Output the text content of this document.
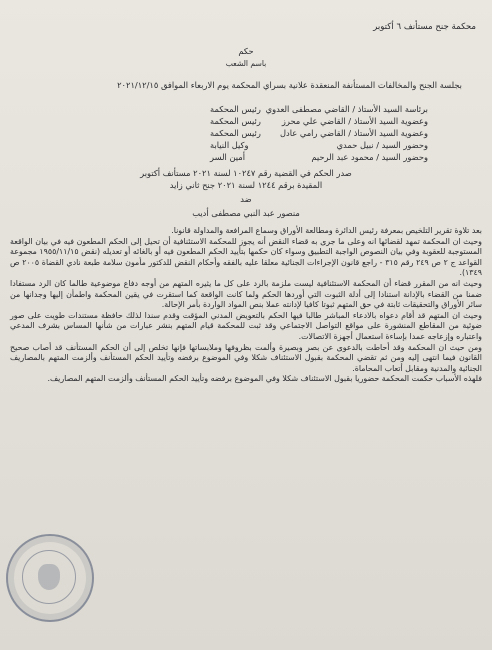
محكمة جنح مستأنف ٦ أكتوبر
حكم
باسم الشعب
بجلسة الجنح والمخالفات المستأنفة المنعقدة علانية بسراي المحكمة يوم الاربعاء الموافق ٢٠٢١/١٢/١٥
برئاسة السيد الأستاذ / القاضي مصطفى العدوي
رئيس المحكمة
وعضوية السيد الأستاذ / القاضي علي محرز
رئيس المحكمة
وعضوية السيد الأستاذ / القاضي رامي عادل
رئيس المحكمة
وحضور السيد / نبيل حمدي
وكيل النيابة
وحضور السيد / محمود عبد الرحيم
أمين السر
صدر الحكم في القضية رقم ١٠٢٤٧ لسنة ٢٠٢١ مستأنف أكتوبر
المقيدة برقم ١٢٤٤ لسنة ٢٠٢١ جنح ثاني زايد
ضد
منصور عبد النبي مصطفى أديب

بعد تلاوة تقرير التلخيص بمعرفة رئيس الدائرة ومطالعة الأوراق وسماع المرافعة والمداولة قانونا.

وحيث ان المحكمة تمهد لقضائها انه وعلى ما جرى به قضاء النقض أنه يجوز للمحكمة الاستئنافية أن تحيل إلى الحكم المطعون فيه في بيان الواقعة المستوجبة للعقوبة وفي بيان النصوص الواجبة التطبيق وسواء كان حكمها بتأييد الحكم المطعون فيه أو بالغائه أو تعديله (نقض ١٩٥٥/١١/١٥ مجموعة القواعد ج ٢ ص ٢٤٩ رقم ٣١٥ - راجع قانون الإجراءات الجنائية معلقا عليه بالفقه وأحكام النقض للدكتور مأمون سلامة طبعة نادي القضاة ٢٠٠٥ ص ١٣٤٩).

وحيث انه من المقرر قضاء أن المحكمة الاستئنافية ليست ملزمة بالرد على كل ما يثيره المتهم من أوجه دفاع موضوعية طالما كان الرد مستفادا ضمنا من القضاء بالإدانة استنادا إلى أدلة الثبوت التي أوردها الحكم ولما كانت الواقعة كما استقرت في يقين المحكمة واطمأن إليها وجدانها من سائر الأوراق والتحقيقات ثابتة في حق المتهم ثبوتا كافيا لإدانته عملا بنص المواد الواردة بأمر الإحالة.

وحيث ان المتهم قد أقام دعواه بالادعاء المباشر طالبا فيها الحكم بالتعويض المدني المؤقت وقدم سندا لذلك حافظة مستندات طويت على صور ضوئية من المقاطع المنشورة على مواقع التواصل الاجتماعي وقد ثبت للمحكمة قيام المتهم بنشر عبارات من شأنها المساس بشرف المدعي واعتباره وإزعاجه عمدا بإساءة استعمال أجهزة الاتصالات.

ومن حيث ان المحكمة وقد أحاطت بالدعوى عن بصر وبصيرة وألمت بظروفها وملابساتها فإنها تخلص إلى أن الحكم المستأنف قد أصاب صحيح القانون فيما انتهى إليه ومن ثم تقضي المحكمة بقبول الاستئناف شكلا وفي الموضوع برفضه وتأييد الحكم المستأنف وألزمت المتهم بالمصاريف الجنائية والمدنية ومقابل أتعاب المحاماة.

فلهذه الأسباب حكمت المحكمة حضوريا بقبول الاستئناف شكلا وفي الموضوع برفضه وتأييد الحكم المستأنف وألزمت المتهم المصاريف.
